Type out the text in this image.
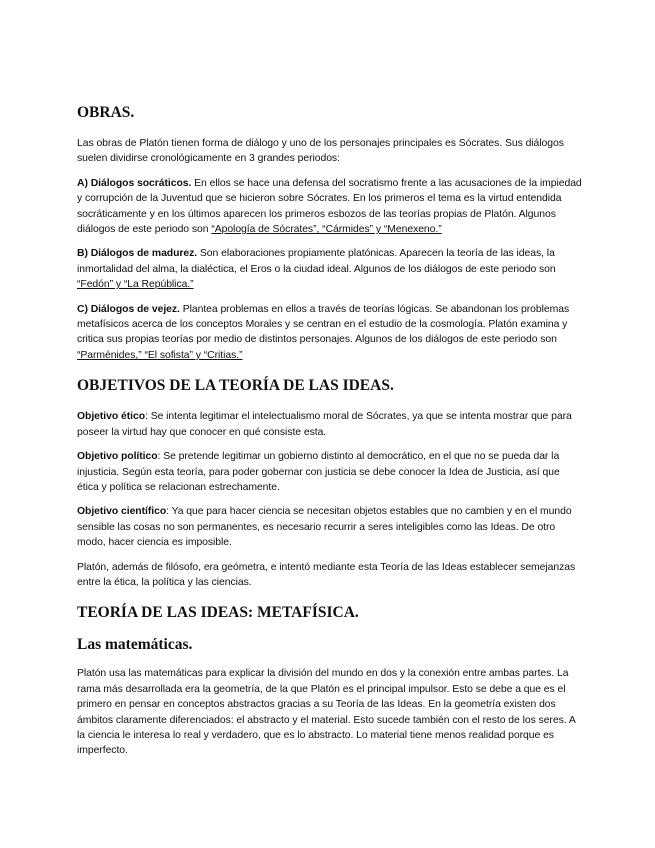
OBRAS.

Las obras de Platón tienen forma de diálogo y uno de los personajes principales es Sócrates. Sus diálogos suelen dividirse cronológicamente en 3 grandes periodos:

A) Diálogos socráticos. En ellos se hace una defensa del socratismo frente a las acusaciones de la impiedad y corrupción de la Juventud que se hicieron sobre Sócrates. En los primeros el tema es la virtud entendida socráticamente y en los últimos aparecen los primeros esbozos de las teorías propias de Platón. Algunos diálogos de este periodo son “Apología de Sócrates”, “Cármides” y “Menexeno.”

B) Diálogos de madurez. Son elaboraciones propiamente platónicas. Aparecen la teoría de las ideas, la inmortalidad del alma, la dialéctica, el Eros o la ciudad ideal. Algunos de los diálogos de este periodo son “Fedón” y “La República.”

C) Diálogos de vejez. Plantea problemas en ellos a través de teorías lógicas. Se abandonan los problemas metafísicos acerca de los conceptos Morales y se centran en el estudio de la cosmología. Platón examina y critica sus propias teorías por medio de distintos personajes. Algunos de los diálogos de este periodo son “Parménides,” “El sofista” y “Critias.”

OBJETIVOS DE LA TEORÍA DE LAS IDEAS.

Objetivo ético: Se intenta legitimar el intelectualismo moral de Sócrates, ya que se intenta mostrar que para poseer la virtud hay que conocer en qué consiste esta.

Objetivo político: Se pretende legitimar un gobierno distinto al democrático, en el que no se pueda dar la injusticia. Según esta teoría, para poder gobernar con justicia se debe conocer la Idea de Justicia, así que ética y política se relacionan estrechamente.

Objetivo científico: Ya que para hacer ciencia se necesitan objetos estables que no cambien y en el mundo sensible las cosas no son permanentes, es necesario recurrir a seres inteligibles como las Ideas. De otro modo, hacer ciencia es imposible.

Platón, además de filósofo, era geómetra, e intentó mediante esta Teoría de las Ideas establecer semejanzas entre la ética, la política y las ciencias.

TEORÍA DE LAS IDEAS: METAFÍSICA.
Las matemáticas.

Platón usa las matemáticas para explicar la división del mundo en dos y la conexión entre ambas partes. La rama más desarrollada era la geometría, de la que Platón es el principal impulsor. Esto se debe a que es el primero en pensar en conceptos abstractos gracias a su Teoría de las Ideas. En la geometría existen dos ámbitos claramente diferenciados: el abstracto y el material. Esto sucede también con el resto de los seres. A la ciencia le interesa lo real y verdadero, que es lo abstracto. Lo material tiene menos realidad porque es imperfecto.
